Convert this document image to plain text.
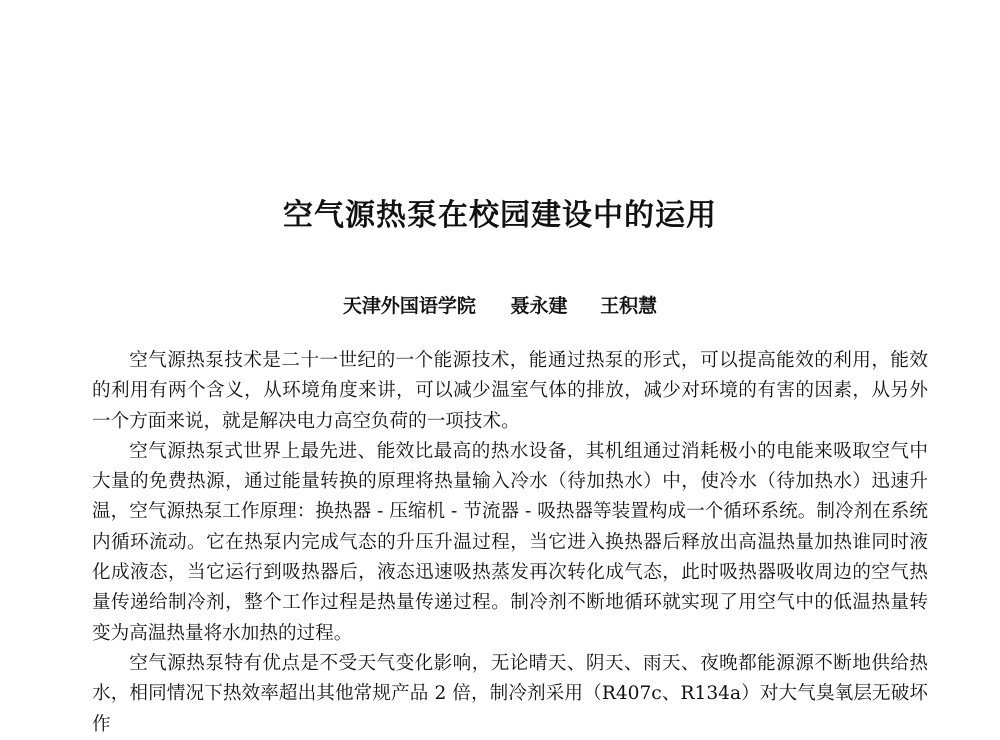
空气源热泵在校园建设中的运用
天津外国语学院 聂永建 王积慧

空气源热泵技术是二十一世纪的一个能源技术，能通过热泵的形式，可以提高能效的利用，能效的利用有两个含义，从环境角度来讲，可以减少温室气体的排放，减少对环境的有害的因素，从另外一个方面来说，就是解决电力高空负荷的一项技术。

空气源热泵式世界上最先进、能效比最高的热水设备，其机组通过消耗极小的电能来吸取空气中大量的免费热源，通过能量转换的原理将热量输入冷水（待加热水）中，使冷水（待加热水）迅速升温，空气源热泵工作原理：换热器 - 压缩机 - 节流器 - 吸热器等装置构成一个循环系统。制冷剂在系统内循环流动。它在热泵内完成气态的升压升温过程，当它进入换热器后释放出高温热量加热谁同时液化成液态，当它运行到吸热器后，液态迅速吸热蒸发再次转化成气态，此时吸热器吸收周边的空气热量传递给制冷剂，整个工作过程是热量传递过程。制冷剂不断地循环就实现了用空气中的低温热量转变为高温热量将水加热的过程。

空气源热泵特有优点是不受天气变化影响，无论晴天、阴天、雨天、夜晚都能源源不断地供给热水，相同情况下热效率超出其他常规产品 2 倍，制冷剂采用（R407c、R134a）对大气臭氧层无破坏作
